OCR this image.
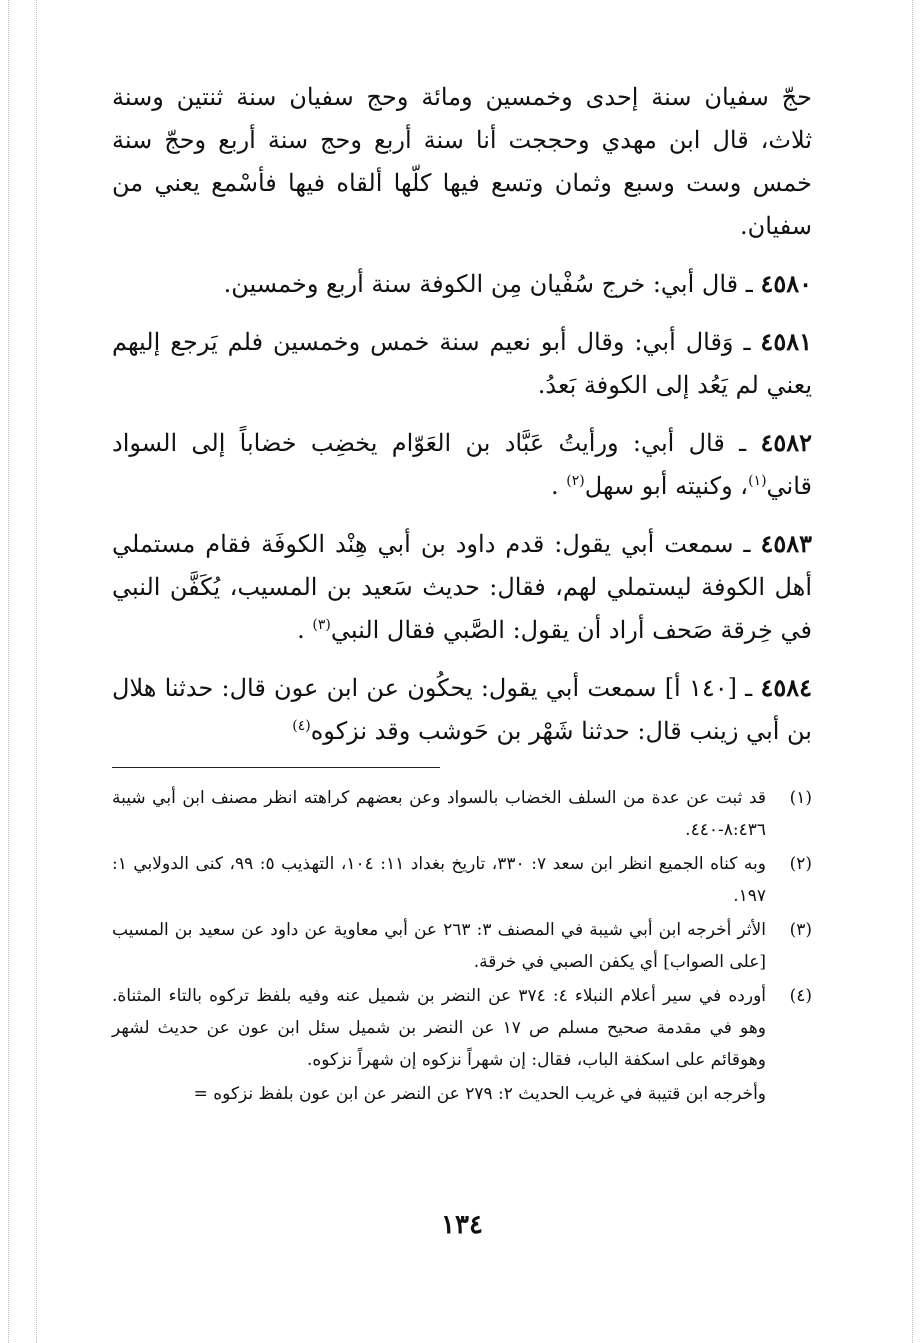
حجّ سفيان سنة إحدى وخمسين ومائة وحج سفيان سنة ثنتين وسنة ثلاث، قال ابن مهدي وحججت أنا سنة أربع وحج سنة أربع وحجّ سنة خمس وست وسبع وثمان وتسع فيها كلّها ألقاه فيها فأسْمع يعني من سفيان.

٤٥٨٠ ـ قال أبي: خرج سُفْيان مِن الكوفة سنة أربع وخمسين.

٤٥٨١ ـ وَقال أبي: وقال أبو نعيم سنة خمس وخمسين فلم يَرجع إليهم يعني لم يَعُد إلى الكوفة بَعدُ.

٤٥٨٢ ـ قال أبي: ورأيتُ عَبَّاد بن العَوّام يخضِب خضاباً إلى السواد قاني$^{(١)}$، وكنيته أبو سهل$^{(٢)}$ .

٤٥٨٣ ـ سمعت أبي يقول: قدم داود بن أبي هِنْد الكوفَة فقام مستملي أهل الكوفة ليستملي لهم، فقال: حديث سَعيد بن المسيب، يُكَفَّن النبي في خِرقة صَحف أراد أن يقول: الصَّبي فقال النبي$^{(٣)}$ .

٤٥٨٤ ـ [١٤٠ أ] سمعت أبي يقول: يحكُون عن ابن عون قال: حدثنا هلال بن أبي زينب قال: حدثنا شَهْر بن حَوشب وقد نزكوه$^{(٤)}$

(١)
قد ثبت عن عدة من السلف الخضاب بالسواد وعن بعضهم كراهته انظر مصنف ابن أبي شيبة ٨:٤٣٦-٤٤٠.
(٢)
وبه كناه الجميع انظر ابن سعد ٧: ٣٣٠، تاريخ بغداد ١١: ١٠٤، التهذيب ٥: ٩٩، كنى الدولابي ١: ١٩٧.
(٣)
الأثر أخرجه ابن أبي شيبة في المصنف ٣: ٢٦٣ عن أبي معاوية عن داود عن سعيد بن المسيب [على الصواب] أي يكفن الصبي في خرقة.
(٤)
أورده في سير أعلام النبلاء ٤: ٣٧٤ عن النضر بن شميل عنه وفيه بلفظ تركوه بالتاء المثناة. وهو في مقدمة صحيح مسلم ص ١٧ عن النضر بن شميل سئل ابن عون عن حديث لشهر وهوقائم على اسكفة الباب، فقال: إن شهراً نزكوه إن شهراً نزكوه.
وأخرجه ابن قتيبة في غريب الحديث ٢: ٢٧٩ عن النضر عن ابن عون بلفظ نزكوه =
١٣٤
